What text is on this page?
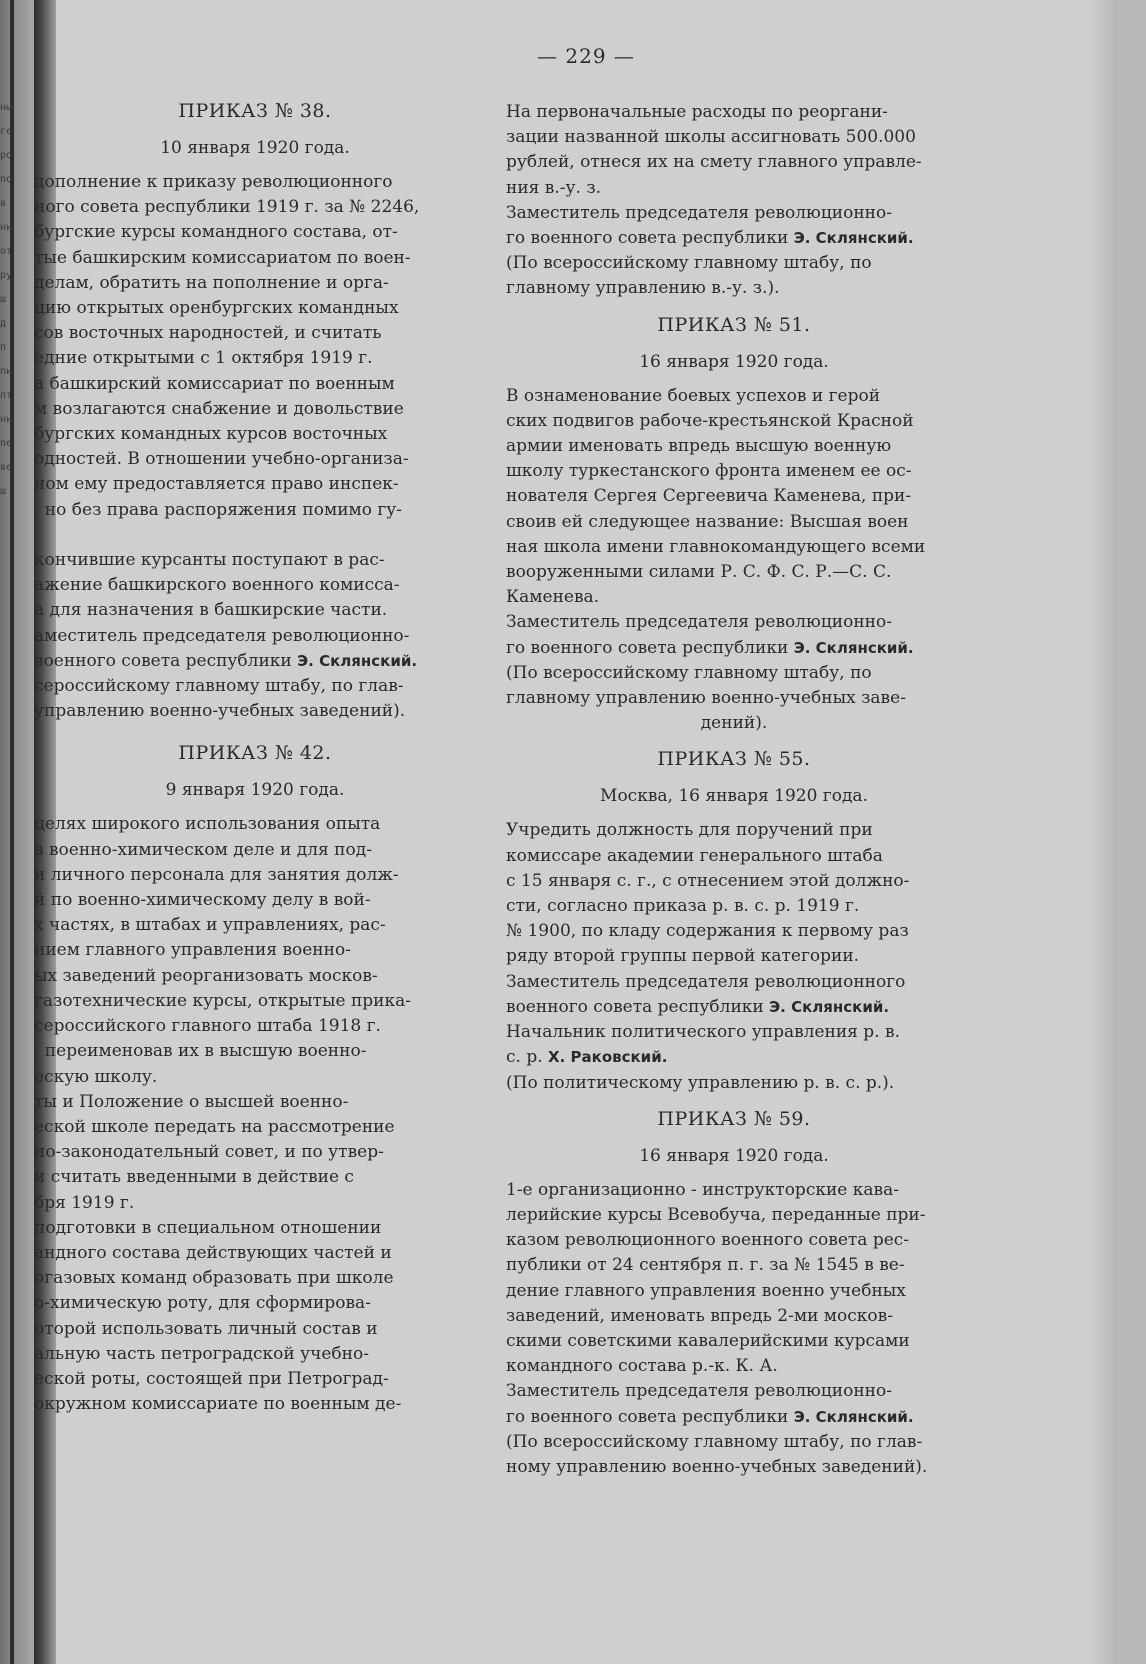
ны
ге
ро
по
в
ни
от
ру
ш
д
п
пи
пт
ни
пе
ве
ш
— 229 —
ПРИКАЗ № 38.
10 января 1920 года.
дополнение к приказу революционного
ного совета республики 1919 г. за № 2246,
бургские курсы командного состава, от-
тые башкирским комиссариатом по воен-
делам, обратить на пополнение и орга-
цию открытых оренбургских командных
сов восточных народностей, и считать
едние открытыми с 1 октября 1919 г.
а башкирский комиссариат по военным
м возлагаются снабжение и довольствие
бургских командных курсов восточных
одностей. В отношении учебно-организа-
ном ему предоставляется право инспек-
, но без права распоряжения помимо гу-

кончившие курсанты поступают в рас-
ажение башкирского военного комисса-
а для назначения в башкирские части.
аместитель председателя революционно-
военного совета республики Э. Склянский.
сероссийскому главному штабу, по глав-
управлению военно-учебных заведений).
ПРИКАЗ № 42.
9 января 1920 года.
целях широкого использования опыта
в военно-химическом деле и для под-
и личного персонала для занятия долж-
й по военно-химическому делу в вой-
х частях, в штабах и управлениях, рас-
нием главного управления военно-
ых заведений реорганизовать москов-
газотехнические курсы, открытые прика-
сероссийского главного штаба 1918 г.
, переименовав их в высшую военно-
ескую школу.
ты и Положение о высшей военно-
еской школе передать на рассмотрение
но-законодательный совет, и по утвер-
и считать введенными в действие с
бря 1919 г.
подготовки в специальном отношении
андного состава действующих частей и
огазовых команд образовать при школе
о-химическую роту, для сформирова-
оторой использовать личный состав и
альную часть петроградской учебно-
еской роты, состоящей при Петроград-
окружном комиссариате по военным де-
На первоначальные расходы по реоргани-
зации названной школы ассигновать 500.000
рублей, отнеся их на смету главного управле-
ния в.-у. з.
Заместитель председателя революционно-
го военного совета республики Э. Склянский.
(По всероссийскому главному штабу, по
главному управлению в.-у. з.).
ПРИКАЗ № 51.
16 января 1920 года.
В ознаменование боевых успехов и герой
ских подвигов рабоче-крестьянской Красной
армии именовать впредь высшую военную
школу туркестанского фронта именем ее ос-
нователя Сергея Сергеевича Каменева, при-
своив ей следующее название: Высшая воен
ная школа имени главнокомандующего всеми
вооруженными силами Р. С. Ф. С. Р.—С. С.
Каменева.
Заместитель председателя революционно-
го военного совета республики Э. Склянский.
(По всероссийскому главному штабу, по
главному управлению военно-учебных заве-
дений).
ПРИКАЗ № 55.
Москва, 16 января 1920 года.
Учредить должность для поручений при
комиссаре академии генерального штаба
с 15 января с. г., с отнесением этой должно-
сти, согласно приказа р. в. с. р. 1919 г.
№ 1900, по кладу содержания к первому раз
ряду второй группы первой категории.
Заместитель председателя революционного
военного совета республики Э. Склянский.
Начальник политического управления р. в.
с. р. Х. Раковский.
(По политическому управлению р. в. с. р.).
ПРИКАЗ № 59.
16 января 1920 года.
1-е организационно - инструкторские кава-
лерийские курсы Всевобуча, переданные при-
казом революционного военного совета рес-
публики от 24 сентября п. г. за № 1545 в ве-
дение главного управления военно учебных
заведений, именовать впредь 2-ми москов-
скими советскими кавалерийскими курсами
командного состава р.-к. К. А.
Заместитель председателя революционно-
го военного совета республики Э. Склянский.
(По всероссийскому главному штабу, по глав-
ному управлению военно-учебных заведений).
